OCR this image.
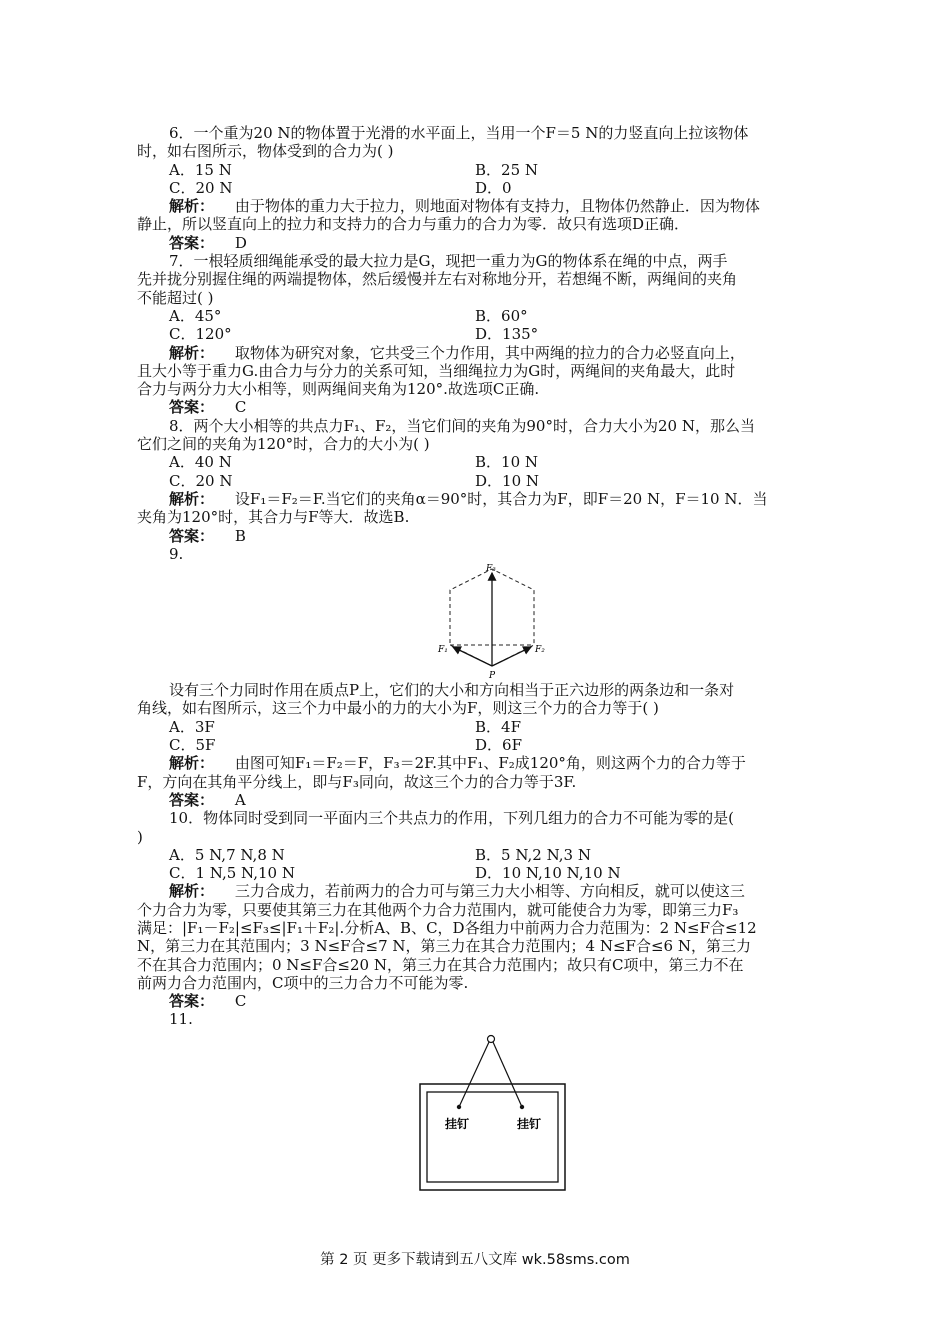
6．一个重为20 N的物体置于光滑的水平面上，当用一个F＝5 N的力竖直向上拉该物体
时，如右图所示，物体受到的合力为( )
A．15 N	B．25 N
C．20 N	D．0
解析： 由于物体的重力大于拉力，则地面对物体有支持力，且物体仍然静止．因为物体
静止，所以竖直向上的拉力和支持力的合力与重力的合力为零．故只有选项D正确．
答案： D
7．一根轻质细绳能承受的最大拉力是G，现把一重力为G的物体系在绳的中点，两手
先并拢分别握住绳的两端提物体，然后缓慢并左右对称地分开，若想绳不断，两绳间的夹角
不能超过( )
A．45°	B．60°
C．120°	D．135°
解析： 取物体为研究对象，它共受三个力作用，其中两绳的拉力的合力必竖直向上，
且大小等于重力G.由合力与分力的关系可知，当细绳拉力为G时，两绳间的夹角最大，此时
合力与两分力大小相等，则两绳间夹角为120°.故选项C正确.
答案： C
8．两个大小相等的共点力F₁、F₂，当它们间的夹角为90°时，合力大小为20 N，那么当
它们之间的夹角为120°时，合力的大小为( )
A．40 N	B．10 N
C．20 N	D．10 N
解析： 设F₁＝F₂＝F.当它们的夹角α＝90°时，其合力为F，即F＝20 N，F＝10 N．当
夹角为120°时，其合力与F等大．故选B.
答案： B
9.
F₃
F₁	F₂
P
设有三个力同时作用在质点P上，它们的大小和方向相当于正六边形的两条边和一条对
角线，如右图所示，这三个力中最小的力的大小为F，则这三个力的合力等于( )
A．3F	B．4F
C．5F	D．6F
解析： 由图可知F₁＝F₂＝F，F₃＝2F.其中F₁、F₂成120°角，则这两个力的合力等于
F，方向在其角平分线上，即与F₃同向，故这三个力的合力等于3F.
答案： A
10．物体同时受到同一平面内三个共点力的作用，下列几组力的合力不可能为零的是(
)
A．5 N,7 N,8 N	B．5 N,2 N,3 N
C．1 N,5 N,10 N	D．10 N,10 N,10 N
解析： 三力合成力，若前两力的合力可与第三力大小相等、方向相反，就可以使这三
个力合力为零，只要使其第三力在其他两个力合力范围内，就可能使合力为零，即第三力F₃
满足：|F₁－F₂|≤F₃≤|F₁＋F₂|.分析A、B、C，D各组力中前两力合力范围为：2 N≤F合≤12
N，第三力在其范围内；3 N≤F合≤7 N，第三力在其合力范围内；4 N≤F合≤6 N，第三力
不在其合力范围内；0 N≤F合≤20 N，第三力在其合力范围内；故只有C项中，第三力不在
前两力合力范围内，C项中的三力合力不可能为零.
答案： C
11.
挂钉	挂钉
第 2 页 更多下载请到五八文库 wk.58sms.com
